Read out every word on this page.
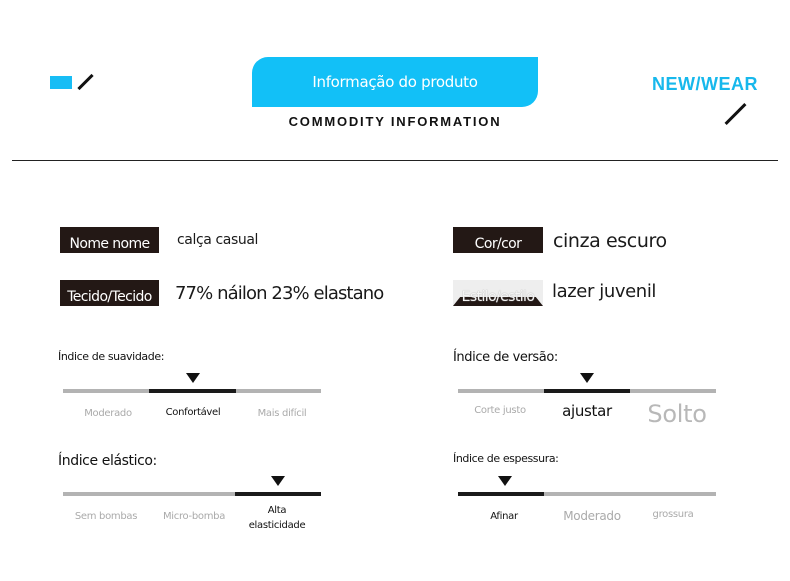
Informação do produto
COMMODITY INFORMATION
NEW/WEAR
Nome nome calça casual
Tecido/Tecido 77% náilon 23% elastano
Cor/cor cinza escuro
Estilo/estilo lazer juvenil
Índice de suavidade:
Moderado	Confortável	Mais difícil
Índice elástico:
Sem bombas	Micro-bomba
Alta elasticidade
Índice de versão:
Corte justo	ajustar	Solto
Índice de espessura:
Afinar	Moderado	grossura
